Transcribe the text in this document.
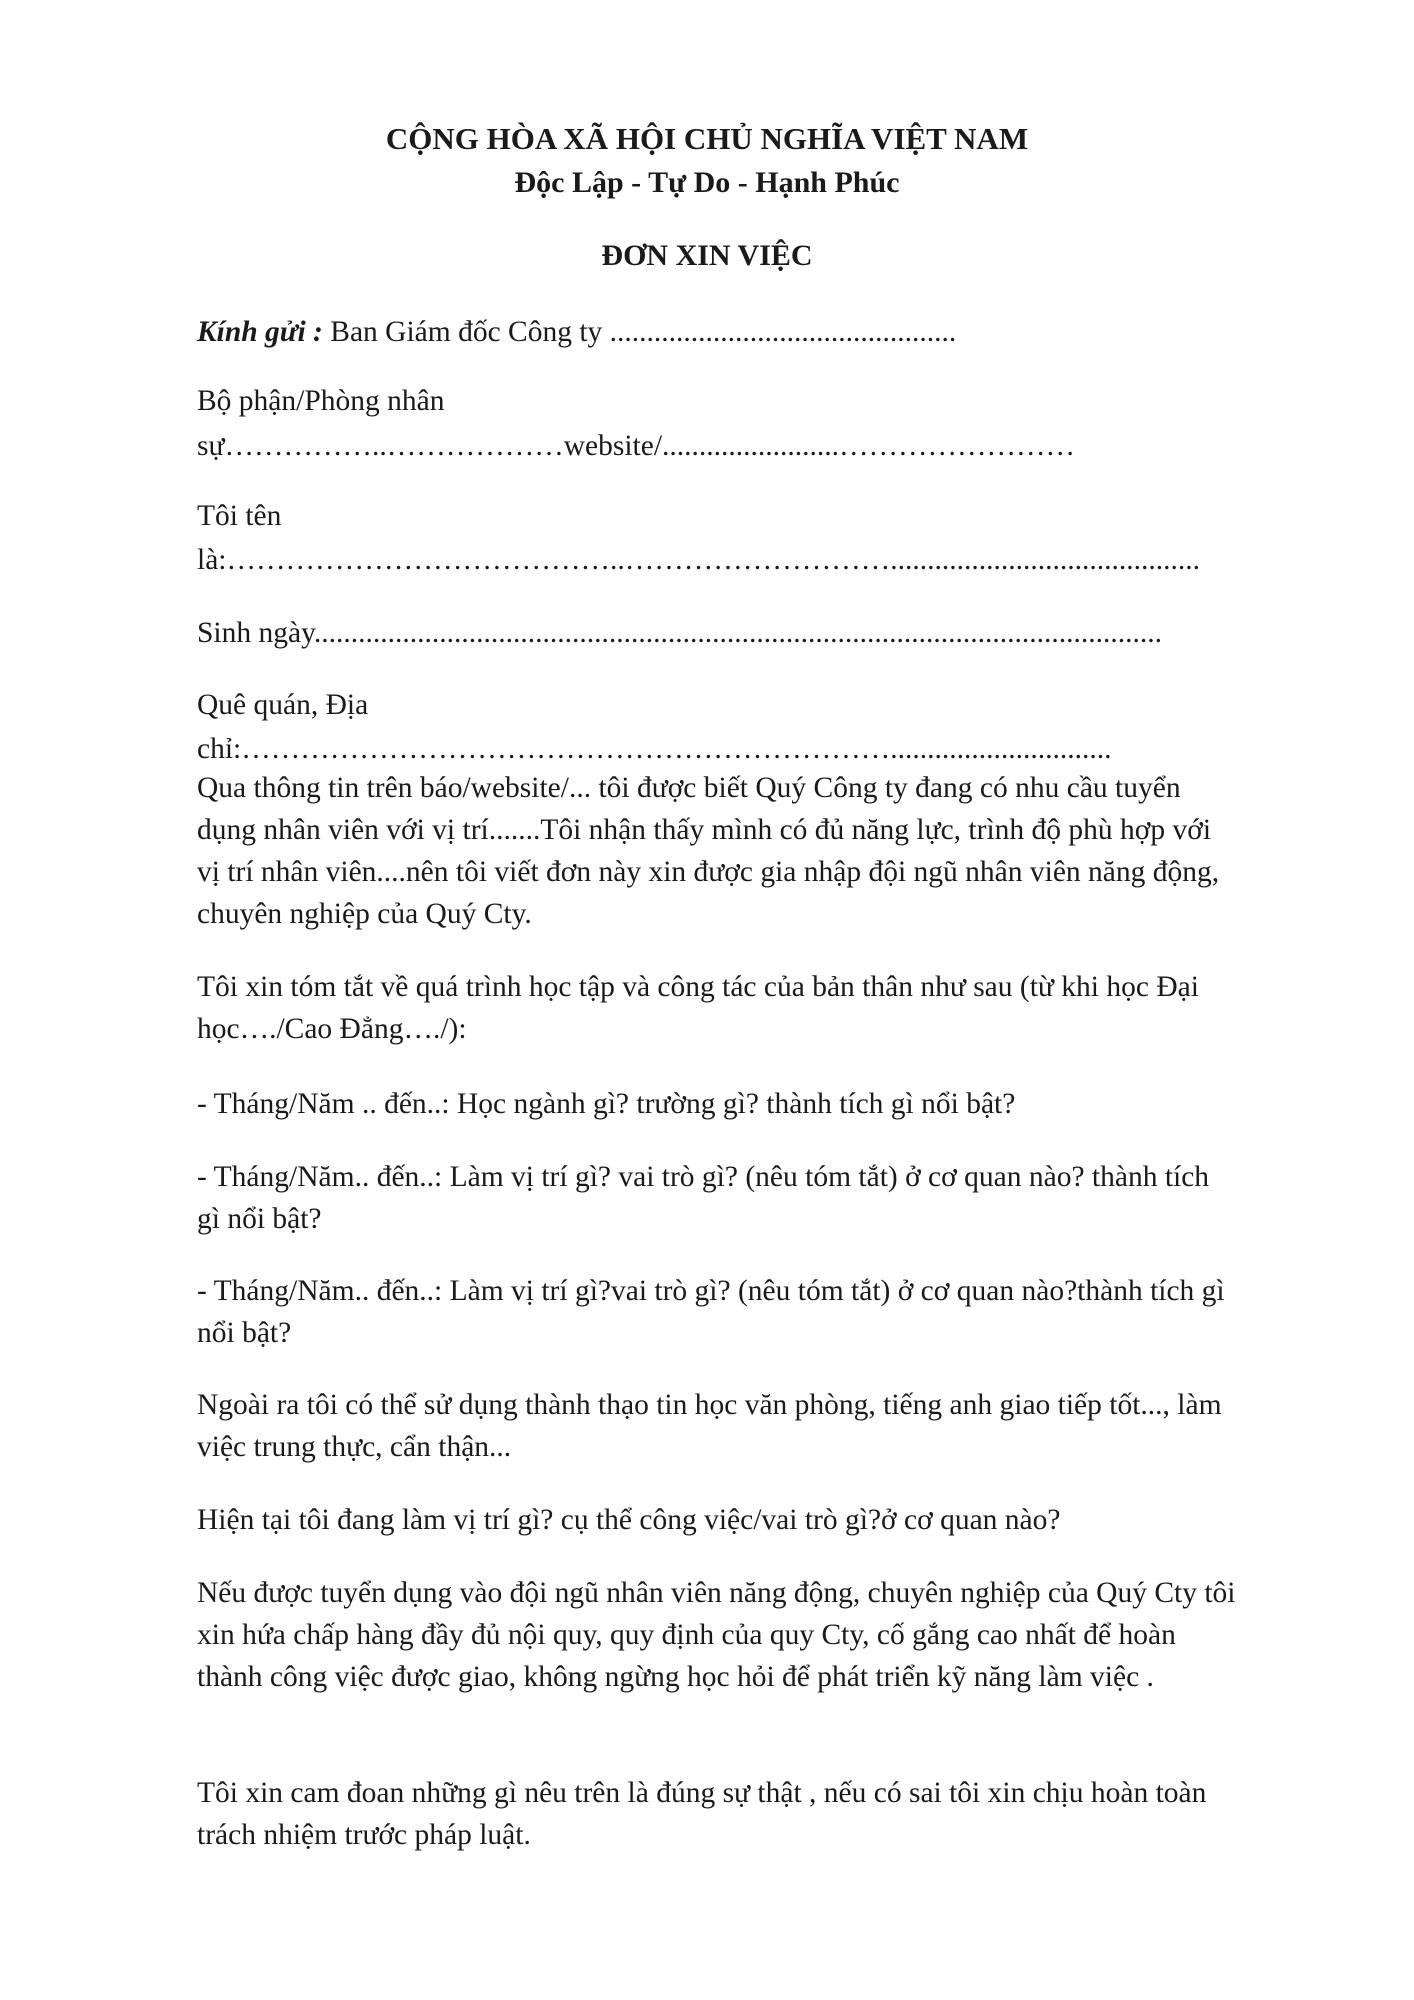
CỘNG HÒA XÃ HỘI CHỦ NGHĨA VIỆT NAM
Độc Lập - Tự Do - Hạnh Phúc
ĐƠN XIN VIỆC

Kính gửi : Ban Giám đốc Công ty ...............................................

Bộ phận/Phòng nhân

sự……………..………………website/........................……………………

Tôi tên

là:…………………………………..………………………..........................................

Sinh ngày...................................................................................................................

Quê quán, Địa

chỉ:…………………………………………………………..............................

Qua thông tin trên báo/website/... tôi được biết Quý Công ty đang có nhu cầu tuyển dụng nhân viên với vị trí.......Tôi nhận thấy mình có đủ năng lực, trình độ phù hợp với vị trí nhân viên....nên tôi viết đơn này xin được gia nhập đội ngũ nhân viên năng động, chuyên nghiệp của Quý Cty.

Tôi xin tóm tắt về quá trình học tập và công tác của bản thân như sau (từ khi học Đại học…./Cao Đẳng…./):

- Tháng/Năm .. đến..: Học ngành gì? trường gì? thành tích gì nổi bật?

- Tháng/Năm.. đến..: Làm vị trí gì? vai trò gì? (nêu tóm tắt) ở cơ quan nào? thành tích gì nổi bật?

- Tháng/Năm.. đến..: Làm vị trí gì?vai trò gì? (nêu tóm tắt) ở cơ quan nào?thành tích gì nổi bật?

Ngoài ra tôi có thể sử dụng thành thạo tin học văn phòng, tiếng anh giao tiếp tốt..., làm việc trung thực, cẩn thận...

Hiện tại tôi đang làm vị trí gì? cụ thể công việc/vai trò gì?ở cơ quan nào?

Nếu được tuyển dụng vào đội ngũ nhân viên năng động, chuyên nghiệp của Quý Cty tôi xin hứa chấp hàng đầy đủ nội quy, quy định của quy Cty, cố gắng cao nhất để hoàn thành công việc được giao, không ngừng học hỏi để phát triển kỹ năng làm việc .

Tôi xin cam đoan những gì nêu trên là đúng sự thật , nếu có sai tôi xin chịu hoàn toàn trách nhiệm trước pháp luật.
